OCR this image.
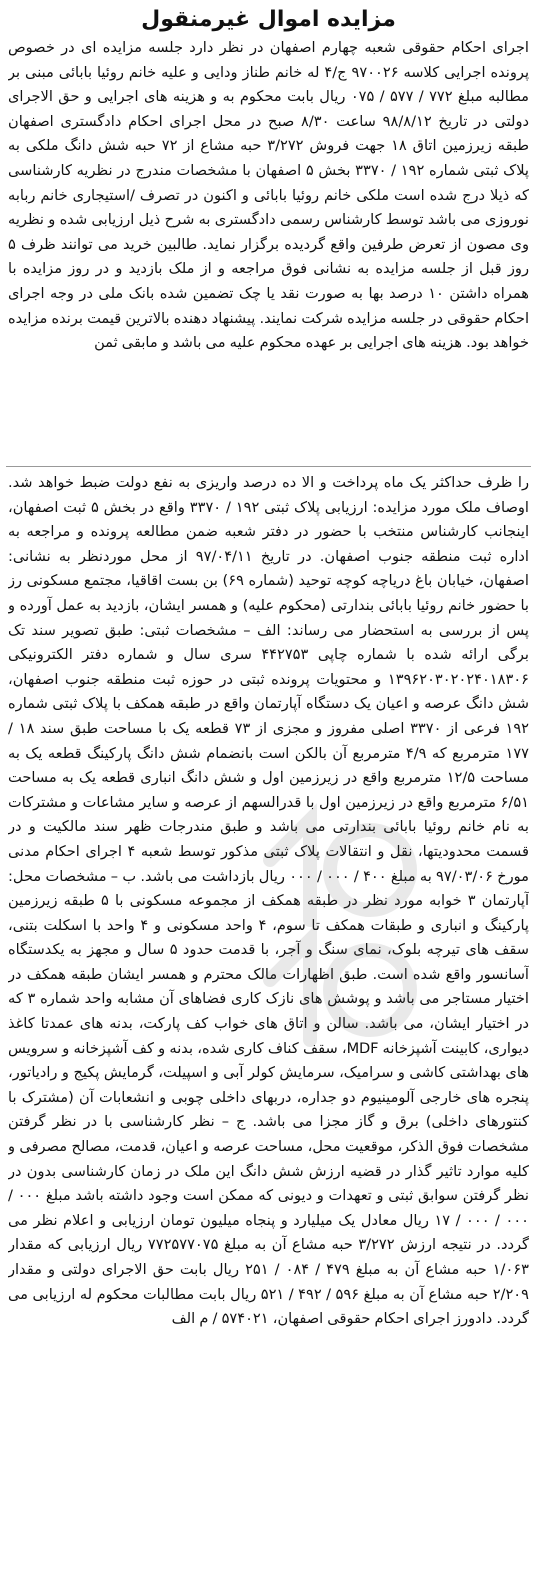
مزایده اموال غیرمنقول
اجرای احکام حقوقی شعبه چهارم اصفهان در نظر دارد جلسه مزایده ای در خصوص پرونده اجرایی کلاسه ۹۷۰۰۲۶ ج/۴ له خانم طناز ودایی و علیه خانم روئیا بابائی مبنی بر مطالبه مبلغ ۷۷۲ / ۵۷۷ / ۰۷۵ ریال بابت محکوم به و هزینه های اجرایی و حق الاجرای دولتی در تاریخ ۹۸/۸/۱۲ ساعت ۸/۳۰ صبح در محل اجرای احکام دادگستری اصفهان طبقه زیرزمین اتاق ۱۸ جهت فروش ۳/۲۷۲ حبه مشاع از ۷۲ حبه شش دانگ ملکی به پلاک ثبتی شماره ۱۹۲ / ۳۳۷۰ بخش ۵ اصفهان با مشخصات مندرج در نظریه کارشناسی که ذیلا درج شده است ملکی خانم روئیا بابائی و اکنون در تصرف /استیجاری خانم ربابه نوروزی می باشد توسط کارشناس رسمی دادگستری به شرح ذیل ارزیابی شده و نظریه وی مصون از تعرض طرفین واقع گردیده برگزار نماید. طالبین خرید می توانند ظرف ۵ روز قبل از جلسه مزایده به نشانی فوق مراجعه و از ملک بازدید و در روز مزایده با همراه داشتن ۱۰ درصد بها به صورت نقد یا چک تضمین شده بانک ملی در وجه اجرای احکام حقوقی در جلسه مزایده شرکت نمایند. پیشنهاد دهنده بالاترین قیمت برنده مزایده خواهد بود. هزینه های اجرایی بر عهده محکوم علیه می باشد و مابقی ثمن
را ظرف حداکثر یک ماه پرداخت و الا ده درصد واریزی به نفع دولت ضبط خواهد شد. اوصاف ملک مورد مزایده: ارزیابی پلاک ثبتی ۱۹۲ / ۳۳۷۰ واقع در بخش ۵ ثبت اصفهان، اینجانب کارشناس منتخب با حضور در دفتر شعبه ضمن مطالعه پرونده و مراجعه به اداره ثبت منطقه جنوب اصفهان. در تاریخ ۹۷/۰۴/۱۱ از محل موردنظر به نشانی: اصفهان، خیابان باغ دریاچه کوچه توحید (شماره ۶۹) بن بست اقاقیا، مجتمع مسکونی رز با حضور خانم روئیا بابائی بندارتی (محکوم علیه) و همسر ایشان، بازدید به عمل آورده و پس از بررسی به استحضار می رساند: الف – مشخصات ثبتی: طبق تصویر سند تک برگی ارائه شده با شماره چاپی ۴۴۲۷۵۳ سری سال و شماره دفتر الکترونیکی ۱۳۹۶۲۰۳۰۲۰۲۴۰۱۸۳۰۶ و محتویات پرونده ثبتی در حوزه ثبت منطقه جنوب اصفهان، شش دانگ عرصه و اعیان یک دستگاه آپارتمان واقع در طبقه همکف با پلاک ثبتی شماره ۱۹۲ فرعی از ۳۳۷۰ اصلی مفروز و مجزی از ۷۳ قطعه یک با مساحت طبق سند ۱۸ / ۱۷۷ مترمربع که ۴/۹ مترمربع آن بالکن است بانضمام شش دانگ پارکینگ قطعه یک به مساحت ۱۲/۵ مترمربع واقع در زیرزمین اول و شش دانگ انباری قطعه یک به مساحت ۶/۵۱ مترمربع واقع در زیرزمین اول با قدرالسهم از عرصه و سایر مشاعات و مشترکات به نام خانم روئیا بابائی بندارتی می باشد و طبق مندرجات ظهر سند مالکیت و در قسمت محدودیتها، نقل و انتقالات پلاک ثبتی مذکور توسط شعبه ۴ اجرای احکام مدنی مورخ ۹۷/۰۳/۰۶ به مبلغ ۴۰۰ / ۰۰۰ / ۰۰۰ ریال بازداشت می باشد. ب – مشخصات محل: آپارتمان ۳ خوابه مورد نظر در طبقه همکف از مجموعه مسکونی با ۵ طبقه زیرزمین پارکینگ و انباری و طبقات همکف تا سوم، ۴ واحد مسکونی و ۴ واحد با اسکلت بتنی، سقف های تیرچه بلوک، نمای سنگ و آجر، با قدمت حدود ۵ سال و مجهز به یکدستگاه آسانسور واقع شده است. طبق اظهارات مالک محترم و همسر ایشان طبقه همکف در اختیار مستاجر می باشد و پوشش های نازک کاری فضاهای آن مشابه واحد شماره ۳ که در اختیار ایشان، می باشد. سالن و اتاق های خواب کف پارکت، بدنه های عمدتا کاغذ دیواری، کابینت آشپزخانه MDF، سقف کناف کاری شده، بدنه و کف آشپزخانه و سرویس های بهداشتی کاشی و سرامیک، سرمایش کولر آبی و اسپیلت، گرمایش پکیج و رادیاتور، پنجره های خارجی آلومینیوم دو جداره، دربهای داخلی چوبی و انشعابات آن (مشترک با کنتورهای داخلی) برق و گاز مجزا می باشد. ج – نظر کارشناسی با در نظر گرفتن مشخصات فوق الذکر، موقعیت محل، مساحت عرصه و اعیان، قدمت، مصالح مصرفی و کلیه موارد تاثیر گذار در قضیه ارزش شش دانگ این ملک در زمان کارشناسی بدون در نظر گرفتن سوابق ثبتی و تعهدات و دیونی که ممکن است وجود داشته باشد مبلغ ۰۰۰ / ۰۰۰ / ۰۰۰ / ۱۷ ریال معادل یک میلیارد و پنجاه میلیون تومان ارزیابی و اعلام نظر می گردد. در نتیجه ارزش ۳/۲۷۲ حبه مشاع آن به مبلغ ۷۷۲۵۷۷۰۷۵ ریال ارزیابی که مقدار ۱/۰۶۳ حبه مشاع آن به مبلغ ۴۷۹ / ۰۸۴ / ۲۵۱ ریال بابت حق الاجرای دولتی و مقدار ۲/۲۰۹ حبه مشاع آن به مبلغ ۵۹۶ / ۴۹۲ / ۵۲۱ ریال بابت مطالبات محکوم له ارزیابی می گردد. دادورز اجرای احکام حقوقی اصفهان، ۵۷۴۰۲۱ / م الف
